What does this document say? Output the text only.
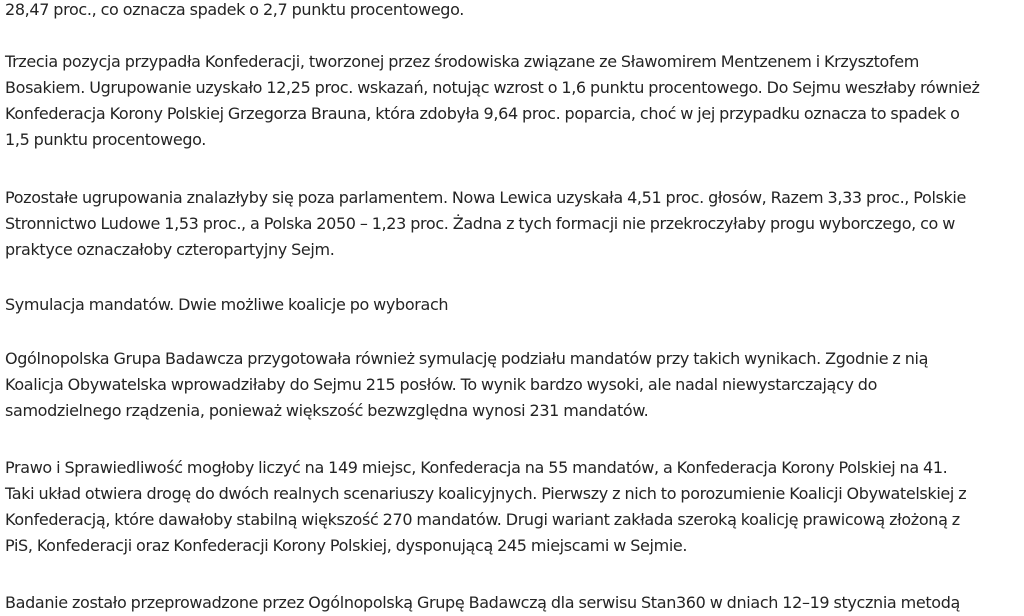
28,47 proc., co oznacza spadek o 2,7 punktu procentowego.

Trzecia pozycja przypadła Konfederacji, tworzonej przez środowiska związane ze Sławomirem Mentzenem i Krzysztofem
Bosakiem. Ugrupowanie uzyskało 12,25 proc. wskazań, notując wzrost o 1,6 punktu procentowego. Do Sejmu weszłaby również
Konfederacja Korony Polskiej Grzegorza Brauna, która zdobyła 9,64 proc. poparcia, choć w jej przypadku oznacza to spadek o
1,5 punktu procentowego.

Pozostałe ugrupowania znalazłyby się poza parlamentem. Nowa Lewica uzyskała 4,51 proc. głosów, Razem 3,33 proc., Polskie
Stronnictwo Ludowe 1,53 proc., a Polska 2050 – 1,23 proc. Żadna z tych formacji nie przekroczyłaby progu wyborczego, co w
praktyce oznaczałoby czteropartyjny Sejm.

Symulacja mandatów. Dwie możliwe koalicje po wyborach

Ogólnopolska Grupa Badawcza przygotowała również symulację podziału mandatów przy takich wynikach. Zgodnie z nią
Koalicja Obywatelska wprowadziłaby do Sejmu 215 posłów. To wynik bardzo wysoki, ale nadal niewystarczający do
samodzielnego rządzenia, ponieważ większość bezwzględna wynosi 231 mandatów.

Prawo i Sprawiedliwość mogłoby liczyć na 149 miejsc, Konfederacja na 55 mandatów, a Konfederacja Korony Polskiej na 41.
Taki układ otwiera drogę do dwóch realnych scenariuszy koalicyjnych. Pierwszy z nich to porozumienie Koalicji Obywatelskiej z
Konfederacją, które dawałoby stabilną większość 270 mandatów. Drugi wariant zakłada szeroką koalicję prawicową złożoną z
PiS, Konfederacji oraz Konfederacji Korony Polskiej, dysponującą 245 miejscami w Sejmie.

Badanie zostało przeprowadzone przez Ogólnopolską Grupę Badawczą dla serwisu Stan360 w dniach 12–19 stycznia metodą
